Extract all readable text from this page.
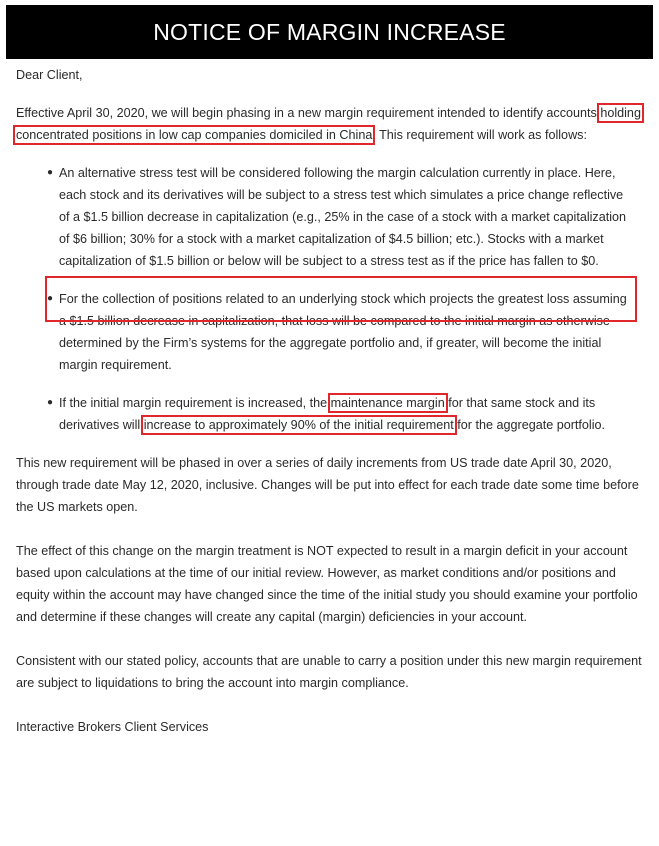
NOTICE OF MARGIN INCREASE

Dear Client,

Effective April 30, 2020, we will begin phasing in a new margin requirement intended to identify accounts holding concentrated positions in low cap companies domiciled in China. This requirement will work as follows:

● An alternative stress test will be considered following the margin calculation currently in place. Here, each stock and its derivatives will be subject to a stress test which simulates a price change reflective of a $1.5 billion decrease in capitalization (e.g., 25% in the case of a stock with a market capitalization of $6 billion; 30% for a stock with a market capitalization of $4.5 billion; etc.). Stocks with a market capitalization of $1.5 billion or below will be subject to a stress test as if the price has fallen to $0.
● For the collection of positions related to an underlying stock which projects the greatest loss assuming a $1.5 billion decrease in capitalization, that loss will be compared to the initial margin as otherwise determined by the Firm’s systems for the aggregate portfolio and, if greater, will become the initial margin requirement.
● If the initial margin requirement is increased, the maintenance margin for that same stock and its derivatives will increase to approximately 90% of the initial requirement for the aggregate portfolio.

This new requirement will be phased in over a series of daily increments from US trade date April 30, 2020, through trade date May 12, 2020, inclusive. Changes will be put into effect for each trade date some time before the US markets open.

The effect of this change on the margin treatment is NOT expected to result in a margin deficit in your account based upon calculations at the time of our initial review. However, as market conditions and/or positions and equity within the account may have changed since the time of the initial study you should examine your portfolio and determine if these changes will create any capital (margin) deficiencies in your account.

Consistent with our stated policy, accounts that are unable to carry a position under this new margin requirement are subject to liquidations to bring the account into margin compliance.

Interactive Brokers Client Services
